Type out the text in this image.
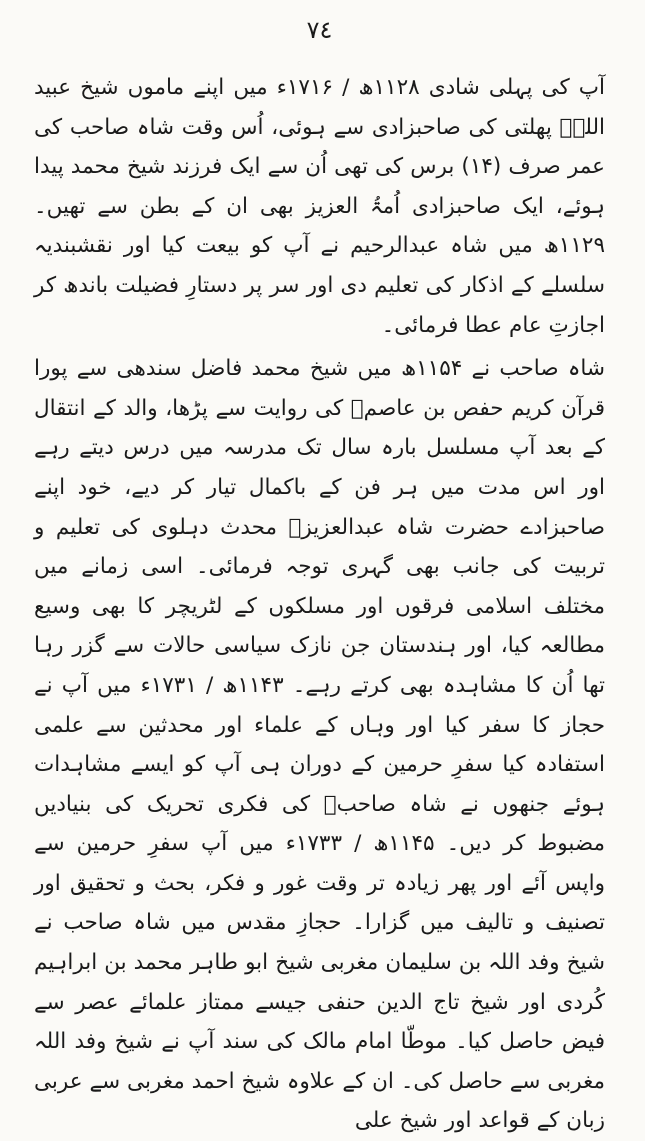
٧٤

آپ کی پہلی شادی ۱۱۲۸ھ / ۱۷۱۶ء میں اپنے ماموں شیخ عبید اللہؒ پھلتی کی صاحبزادی سے ہوئی، اُس وقت شاہ صاحب کی عمر صرف (۱۴) برس کی تھی اُن سے ایک فرزند شیخ محمد پیدا ہوئے، ایک صاحبزادی اُمۃُ العزیز بھی ان کے بطن سے تھیں۔ ۱۱۲۹ھ میں شاہ عبدالرحیم نے آپ کو بیعت کیا اور نقشبندیہ سلسلے کے اذکار کی تعلیم دی اور سر پر دستارِ فضیلت باندھ کر اجازتِ عام عطا فرمائی۔

شاہ صاحب نے ۱۱۵۴ھ میں شیخ محمد فاضل سندھی سے پورا قرآن کریم حفص بن عاصمؒ کی روایت سے پڑھا، والد کے انتقال کے بعد آپ مسلسل بارہ سال تک مدرسہ میں درس دیتے رہے اور اس مدت میں ہر فن کے باکمال تیار کر دیے، خود اپنے صاحبزادے حضرت شاہ عبدالعزیزؒ محدث دہلوی کی تعلیم و تربیت کی جانب بھی گہری توجہ فرمائی۔ اسی زمانے میں مختلف اسلامی فرقوں اور مسلکوں کے لٹریچر کا بھی وسیع مطالعہ کیا، اور ہندستان جن نازک سیاسی حالات سے گزر رہا تھا اُن کا مشاہدہ بھی کرتے رہے۔ ۱۱۴۳ھ / ۱۷۳۱ء میں آپ نے حجاز کا سفر کیا اور وہاں کے علماء اور محدثین سے علمی استفادہ کیا سفرِ حرمین کے دوران ہی آپ کو ایسے مشاہدات ہوئے جنھوں نے شاہ صاحبؒ کی فکری تحریک کی بنیادیں مضبوط کر دیں۔ ۱۱۴۵ھ / ۱۷۳۳ء میں آپ سفرِ حرمین سے واپس آئے اور پھر زیادہ تر وقت غور و فکر، بحث و تحقیق اور تصنیف و تالیف میں گزارا۔ حجازِ مقدس میں شاہ صاحب نے شیخ وفد اللہ بن سلیمان مغربی شیخ ابو طاہر محمد بن ابراہیم کُردی اور شیخ تاج الدین حنفی جیسے ممتاز علمائے عصر سے فیض حاصل کیا۔ موطّا امام مالک کی سند آپ نے شیخ وفد اللہ مغربی سے حاصل کی۔ ان کے علاوہ شیخ احمد مغربی سے عربی زبان کے قواعد اور شیخ علی
